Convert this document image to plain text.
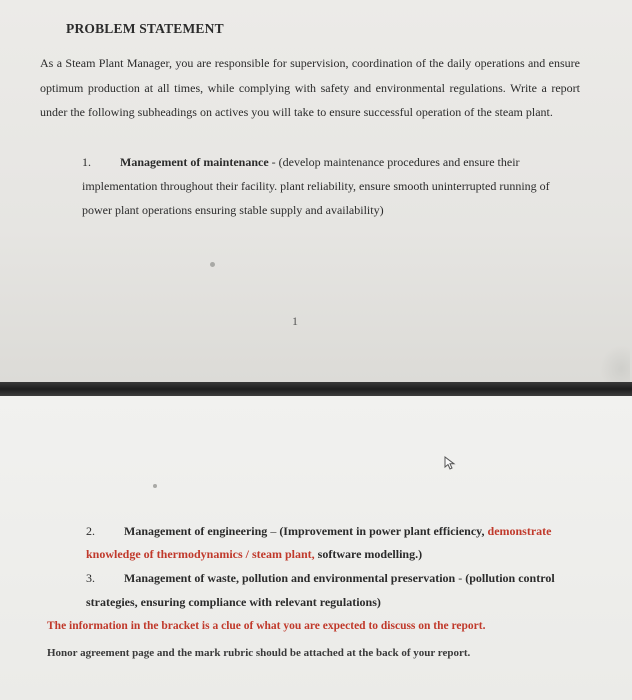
PROBLEM STATEMENT
As a Steam Plant Manager, you are responsible for supervision, coordination of the daily operations and ensure optimum production at all times, while complying with safety and environmental regulations. Write a report under the following subheadings on actives you will take to ensure successful operation of the steam plant.
1. Management of maintenance - (develop maintenance procedures and ensure their implementation throughout their facility. plant reliability, ensure smooth uninterrupted running of power plant operations ensuring stable supply and availability)
1
2. Management of engineering – (Improvement in power plant efficiency, demonstrate knowledge of thermodynamics / steam plant, software modelling.)
3. Management of waste, pollution and environmental preservation - (pollution control strategies, ensuring compliance with relevant regulations)
The information in the bracket is a clue of what you are expected to discuss on the report.
Honor agreement page and the mark rubric should be attached at the back of your report.
